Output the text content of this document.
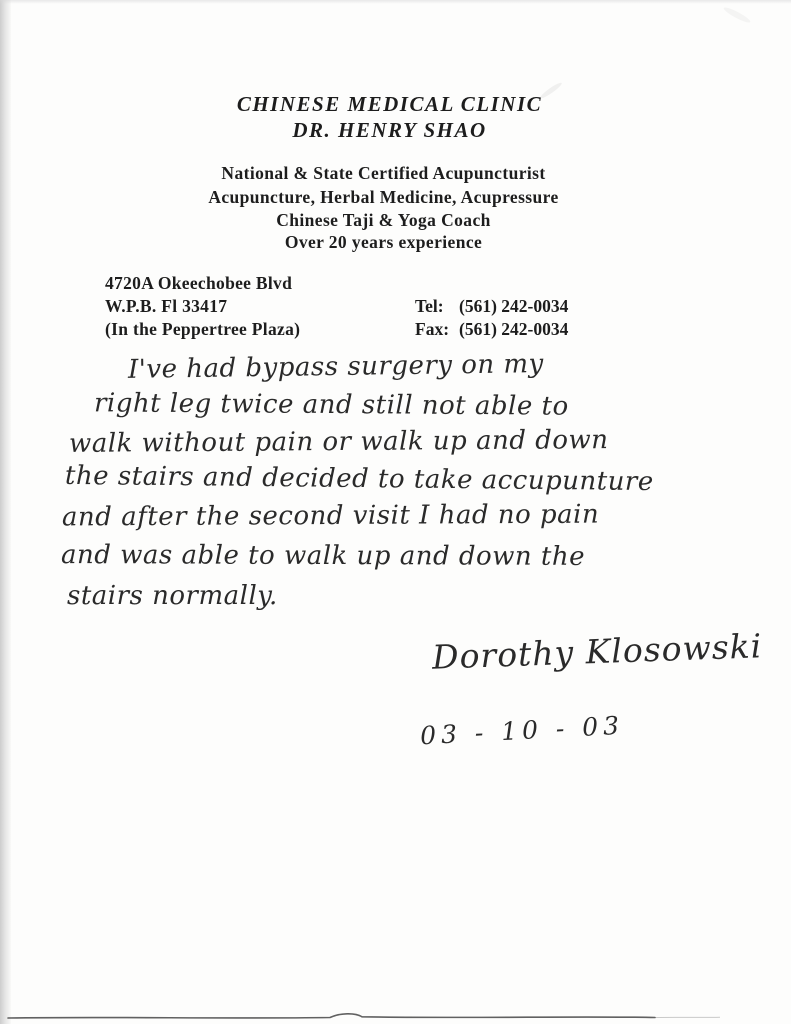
CHINESE MEDICAL CLINIC
DR. HENRY SHAO
National & State Certified Acupuncturist
Acupuncture, Herbal Medicine, Acupressure
Chinese Taji & Yoga Coach
Over 20 years experience
4720A Okeechobee Blvd
W.P.B. Fl 33417
(In the Peppertree Plaza)
Tel: (561) 242-0034
Fax: (561) 242-0034
I've had bypass surgery on my
right leg twice and still not able to
walk without pain or walk up and down
the stairs and decided to take accupunture
and after the second visit I had no pain
and was able to walk up and down the
stairs normally.
Dorothy Klosowski
03 - 10 - 03
